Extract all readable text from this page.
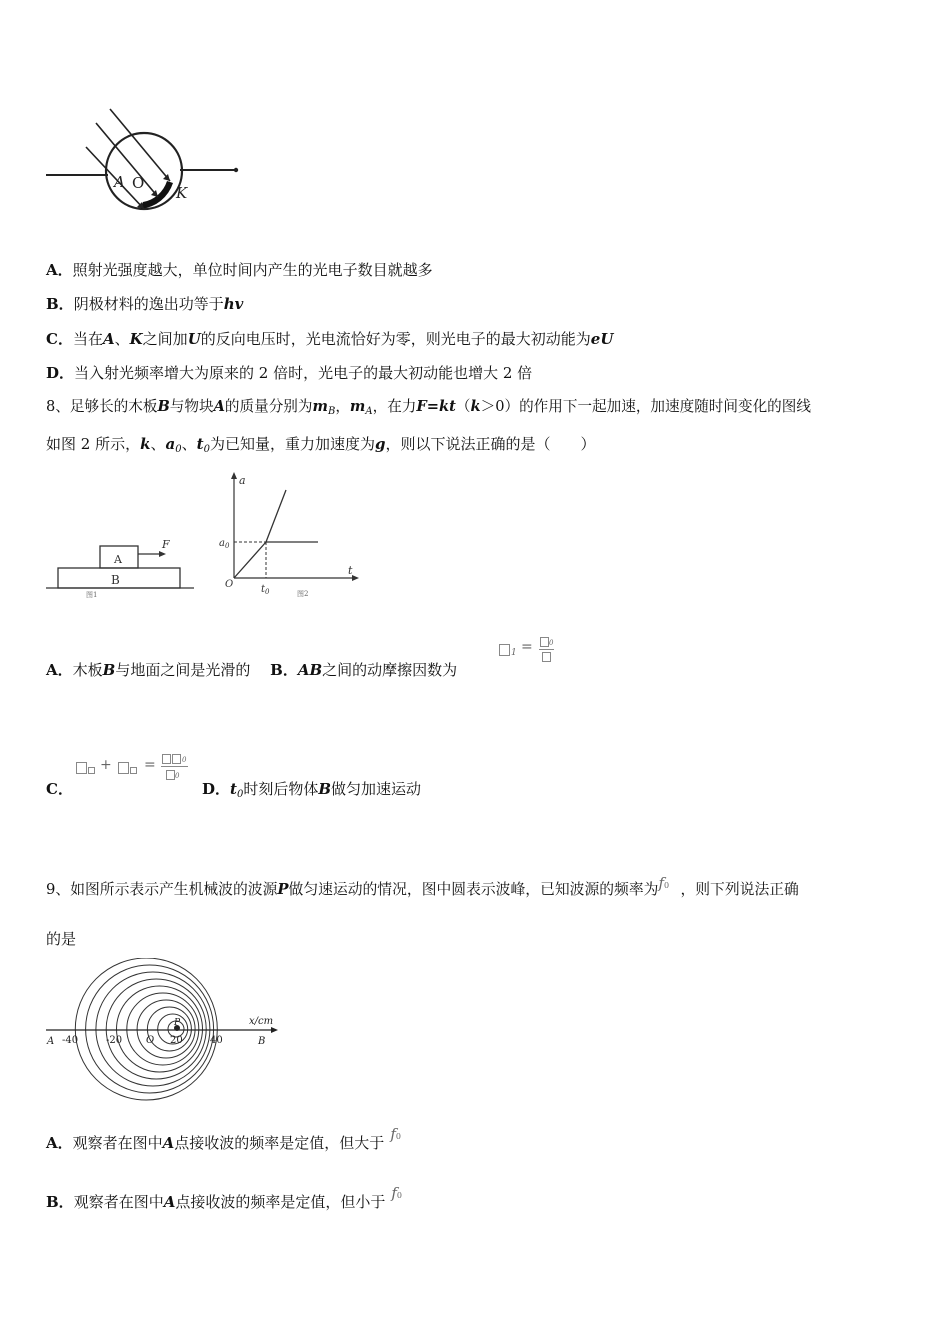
A O
K
A．照射光强度越大，单位时间内产生的光电子数目就越多
B．阴极材料的逸出功等于hv
C．当在A、K之间加U的反向电压时，光电流恰好为零，则光电子的最大初动能为eU
D．当入射光频率增大为原来的 2 倍时，光电子的最大初动能也增大 2 倍
8、足够长的木板B与物块A的质量分别为$m_B$，$m_A$，在力F=kt（k＞0）的作用下一起加速，加速度随时间变化的图线
如图 2 所示，k、$a_0$、$t_0$为已知量，重力加速度为g，则以下说法正确的是（　　）
A
B
F
图1
a
t
$a_0$
$t_0$
O
图2
A．木板B与地面之间是光滑的　 B．AB之间的动摩擦因数为
1 = 0
C．
+ =	0
0
D．$t_0$时刻后物体B做匀加速运动
9、如图所示表示产生机械波的波源P做匀速运动的情况，图中圆表示波峰，已知波源的频率为f0 ，则下列说法正确
的是
P	x/cm
A	B
O
-40	-20	20	40
A．观察者在图中A点接收波的频率是定值，但大于 f0
B．观察者在图中A点接收波的频率是定值，但小于 f0
